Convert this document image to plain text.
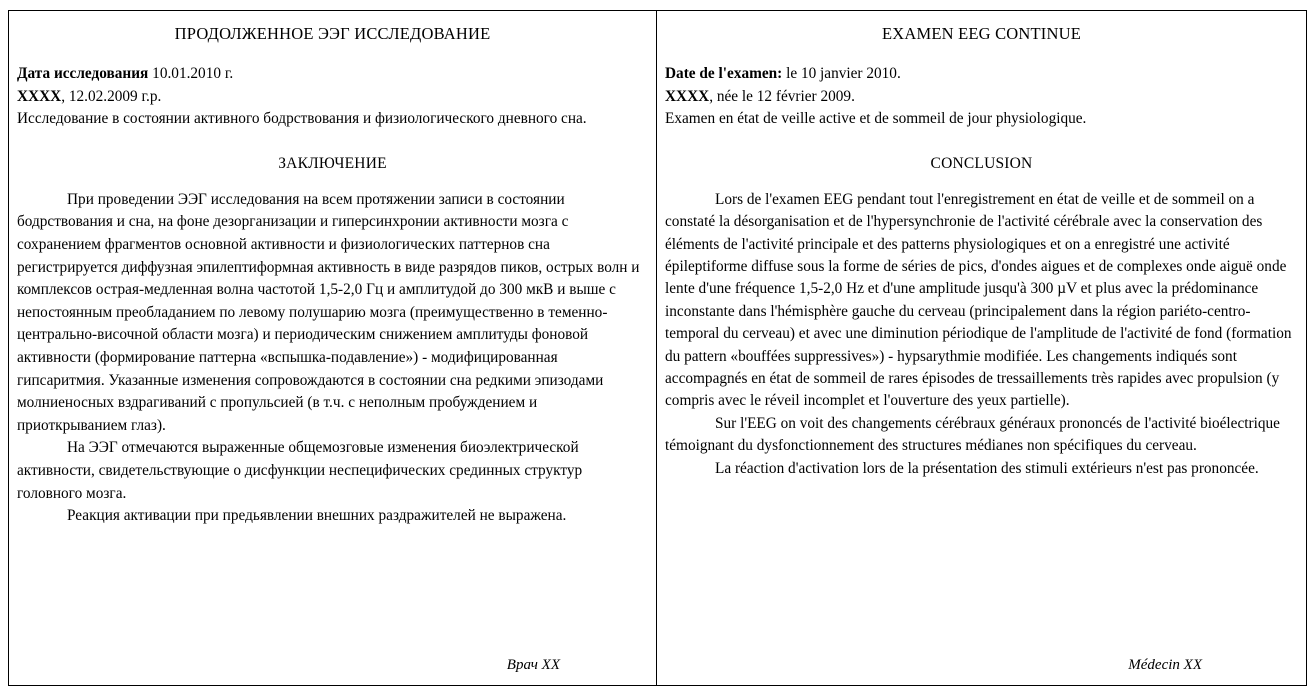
ПРОДОЛЖЕННОЕ ЭЭГ ИССЛЕДОВАНИЕ
Дата исследования 10.01.2010 г.
XXXX, 12.02.2009 г.р.
Исследование в состоянии активного бодрствования и физиологического дневного сна.
ЗАКЛЮЧЕНИЕ

При проведении ЭЭГ исследования на всем протяжении записи в состоянии бодрствования и сна, на фоне дезорганизации и гиперсинхронии активности мозга с сохранением фрагментов основной активности и физиологических паттернов сна регистрируется диффузная эпилептиформная активность в виде разрядов пиков, острых волн и комплексов острая-медленная волна частотой 1,5-2,0 Гц и амплитудой до 300 мкВ и выше с непостоянным преобладанием по левому полушарию мозга (преимущественно в теменно-центрально-височной области мозга) и периодическим снижением амплитуды фоновой активности (формирование паттерна «вспышка-подавление») - модифицированная гипсаритмия. Указанные изменения сопровождаются в состоянии сна редкими эпизодами молниеносных вздрагиваний с пропульсией (в т.ч. с неполным пробуждением и приоткрыванием глаз).

На ЭЭГ отмечаются выраженные общемозговые изменения биоэлектрической активности, свидетельствующие о дисфункции неспецифических срединных структур головного мозга.

Реакция активации при предьявлении внешних раздражителей не выражена.

Врач XX
EXAMEN EEG CONTINUE
Date de l'examen: le 10 janvier 2010.
XXXX, née le 12 février 2009.
Examen en état de veille active et de sommeil de jour physiologique.
CONCLUSION

Lors de l'examen EEG pendant tout l'enregistrement en état de veille et de sommeil on a constaté la désorganisation et de l'hypersynchronie de l'activité cérébrale avec la conservation des éléments de l'activité principale et des patterns physiologiques et on a enregistré une activité épileptiforme diffuse sous la forme de séries de pics, d'ondes aigues et de complexes onde aiguë onde lente d'une fréquence 1,5-2,0 Hz et d'une amplitude jusqu'à 300 µV et plus avec la prédominance inconstante dans l'hémisphère gauche du cerveau (principalement dans la région pariéto-centro-temporal du cerveau) et avec une diminution périodique de l'amplitude de l'activité de fond (formation du pattern «bouffées suppressives») - hypsarythmie modifiée. Les changements indiqués sont accompagnés en état de sommeil de rares épisodes de tressaillements très rapides avec propulsion (y compris avec le réveil incomplet et l'ouverture des yeux partielle).

Sur l'EEG on voit des changements cérébraux généraux prononcés de l'activité bioélectrique témoignant du dysfonctionnement des structures médianes non spécifiques du cerveau.

La réaction d'activation lors de la présentation des stimuli extérieurs n'est pas prononcée.

Médecin XX
